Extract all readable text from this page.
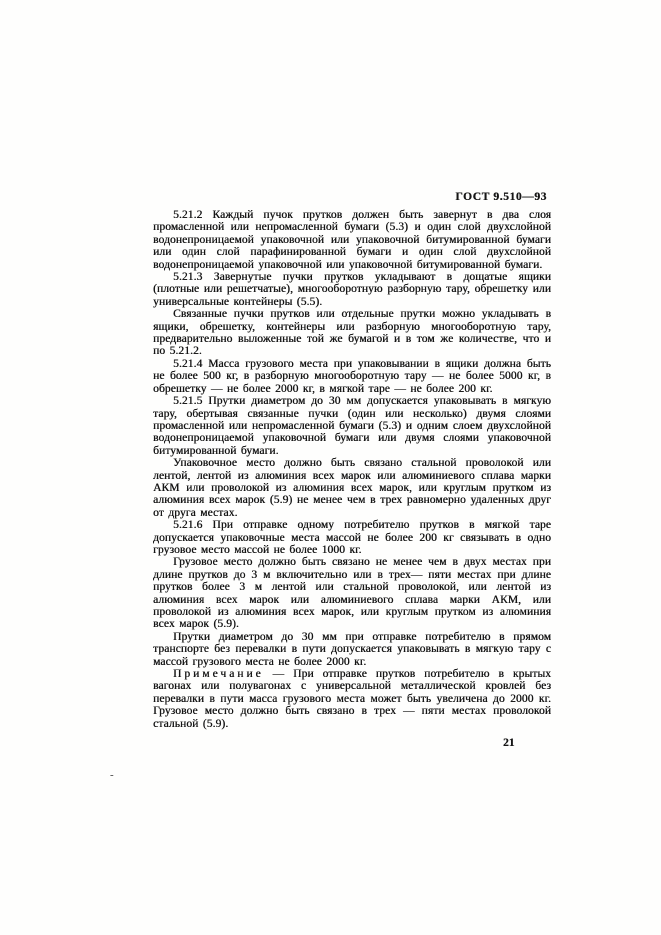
ГОСТ 9.510—93

5.21.2 Каждый пучок прутков должен быть завернут в два слоя промасленной или непромасленной бумаги (5.3) и один слой двухслойной водонепроницаемой упаковочной или упаковочной битумированной бумаги или один слой парафинированной бумаги и один слой двухслойной водонепроницаемой упаковочной или упаковочной битумированной бумаги.

5.21.3 Завернутые пучки прутков укладывают в дощатые ящики (плотные или решетчатые), многооборотную разборную тару, обрешетку или универсальные контейнеры (5.5).

Связанные пучки прутков или отдельные прутки можно укладывать в ящики, обрешетку, контейнеры или разборную многооборотную тару, предварительно выложенные той же бумагой и в том же количестве, что и по 5.21.2.

5.21.4 Масса грузового места при упаковывании в ящики должна быть не более 500 кг, в разборную многооборотную тару — не более 5000 кг, в обрешетку — не более 2000 кг, в мягкой таре — не более 200 кг.

5.21.5 Прутки диаметром до 30 мм допускается упаковывать в мягкую тару, обертывая связанные пучки (один или несколько) двумя слоями промасленной или непромасленной бумаги (5.3) и одним слоем двухслойной водонепроницаемой упаковочной бумаги или двумя слоями упаковочной битумированной бумаги.

Упаковочное место должно быть связано стальной проволокой или лентой, лентой из алюминия всех марок или алюминиевого сплава марки АКМ или проволокой из алюминия всех марок, или круглым прутком из алюминия всех марок (5.9) не менее чем в трех равномерно удаленных друг от друга местах.

5.21.6 При отправке одному потребителю прутков в мягкой таре допускается упаковочные места массой не более 200 кг связывать в одно грузовое место массой не более 1000 кг.

Грузовое место должно быть связано не менее чем в двух местах при длине прутков до 3 м включительно или в трех— пяти местах при длине прутков более 3 м лентой или стальной проволокой, или лентой из алюминия всех марок или алюминиевого сплава марки АКМ, или проволокой из алюминия всех марок, или круглым прутком из алюминия всех марок (5.9).

Прутки диаметром до 30 мм при отправке потребителю в прямом транспорте без перевалки в пути допускается упаковывать в мягкую тару с массой грузового места не более 2000 кг.

Примечание — При отправке прутков потребителю в крытых вагонах или полувагонах с универсальной металлической кровлей без перевалки в пути масса грузового места может быть увеличена до 2000 кг. Грузовое место должно быть связано в трех — пяти местах проволокой стальной (5.9).

21
-
